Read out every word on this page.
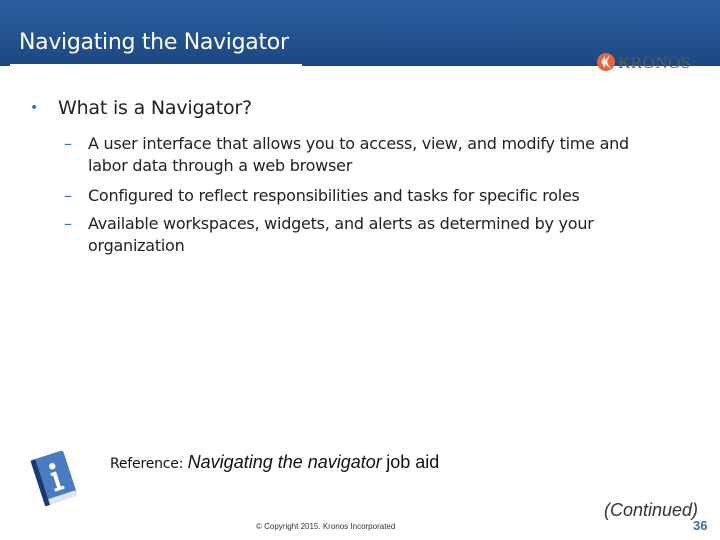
Navigating the Navigator
KRONOS
• What is a Navigator?
– A user interface that allows you to access, view, and modify time and
labor data through a web browser
– Configured to reflect responsibilities and tasks for specific roles
– Available workspaces, widgets, and alerts as determined by your
organization
Reference: Navigating the navigator job aid
© Copyright 2015. Kronos Incorporated
(Continued)
36
